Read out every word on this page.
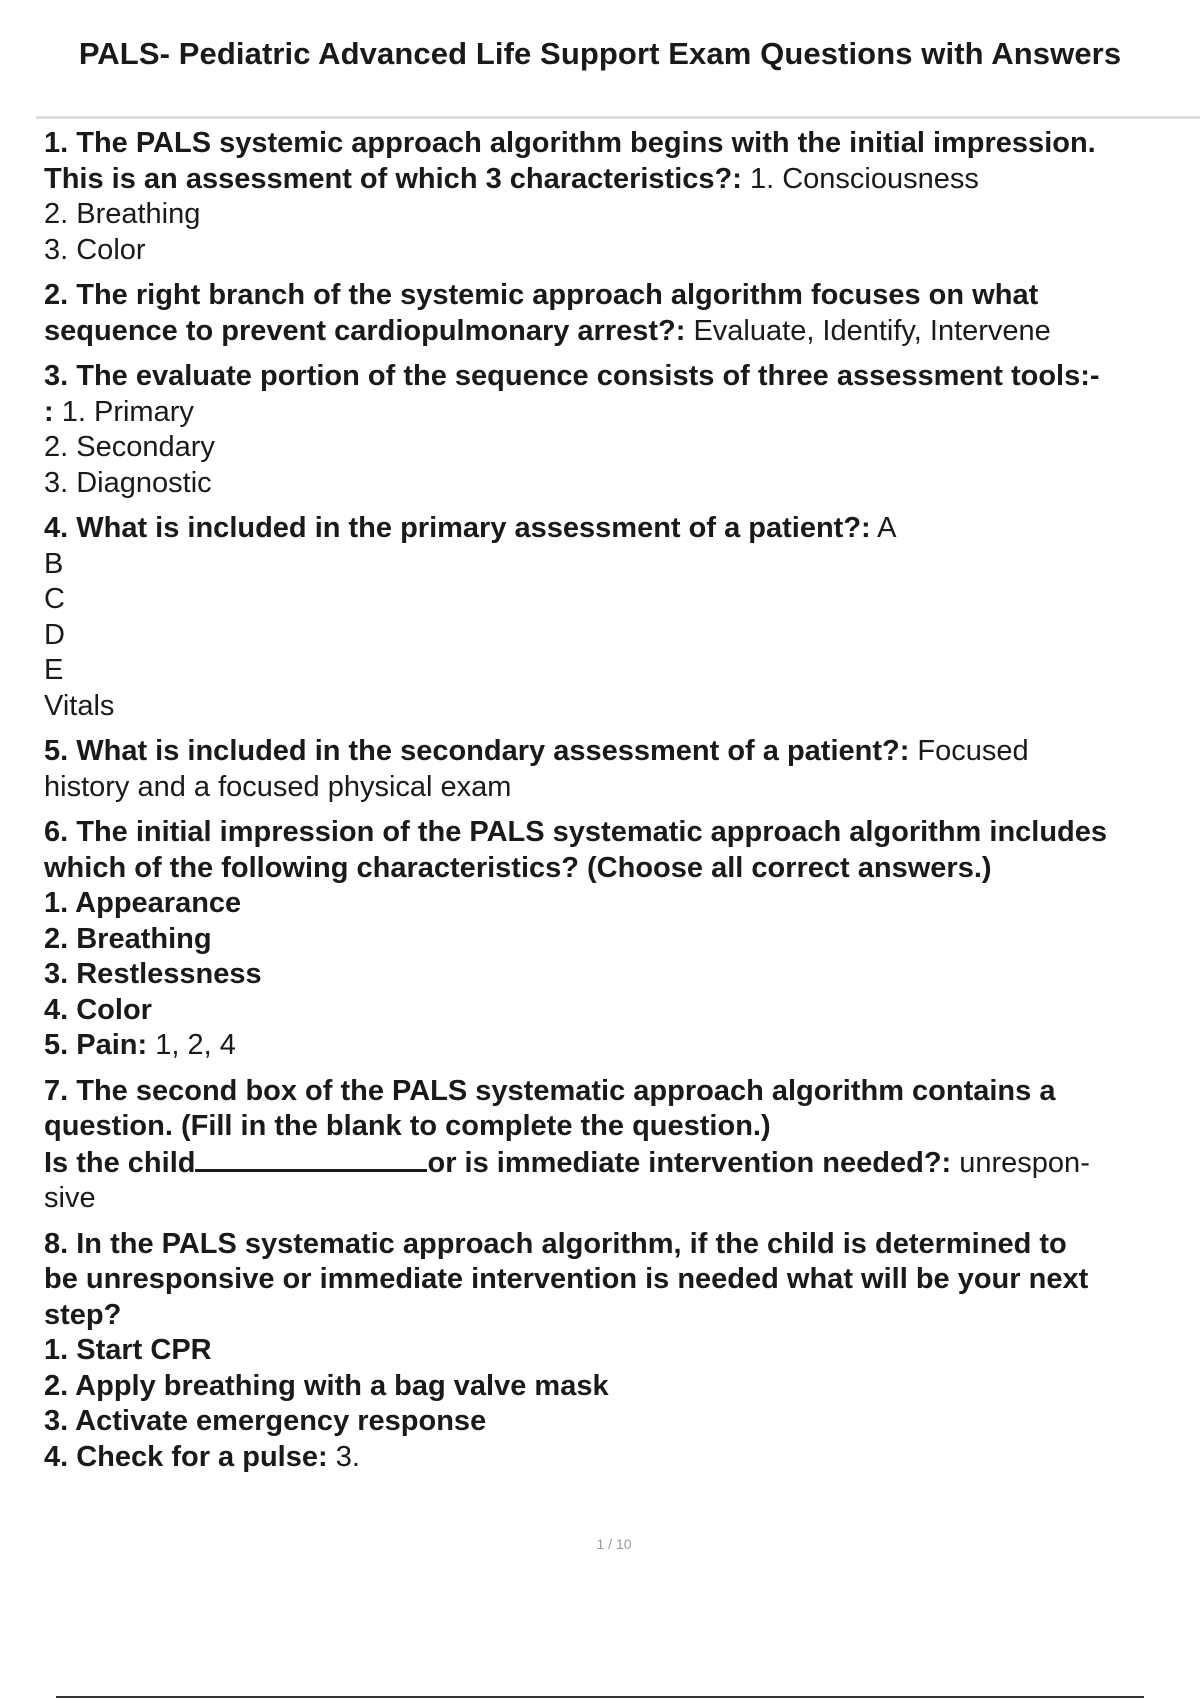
PALS- Pediatric Advanced Life Support Exam Questions with Answers
1. The PALS systemic approach algorithm begins with the initial impression.
This is an assessment of which 3 characteristics?: 1. Consciousness
2. Breathing
3. Color
2. The right branch of the systemic approach algorithm focuses on what
sequence to prevent cardiopulmonary arrest?: Evaluate, Identify, Intervene
3. The evaluate portion of the sequence consists of three assessment tools:-
: 1. Primary
2. Secondary
3. Diagnostic
4. What is included in the primary assessment of a patient?: A
B
C
D
E
Vitals
5. What is included in the secondary assessment of a patient?: Focused
history and a focused physical exam
6. The initial impression of the PALS systematic approach algorithm includes
which of the following characteristics? (Choose all correct answers.)
1. Appearance
2. Breathing
3. Restlessness
4. Color
5. Pain: 1, 2, 4
7. The second box of the PALS systematic approach algorithm contains a
question. (Fill in the blank to complete the question.)
Is the child	or is immediate intervention needed?: unrespon-
sive
8. In the PALS systematic approach algorithm, if the child is determined to
be unresponsive or immediate intervention is needed what will be your next
step?
1. Start CPR
2. Apply breathing with a bag valve mask
3. Activate emergency response
4. Check for a pulse: 3.
1 / 10
